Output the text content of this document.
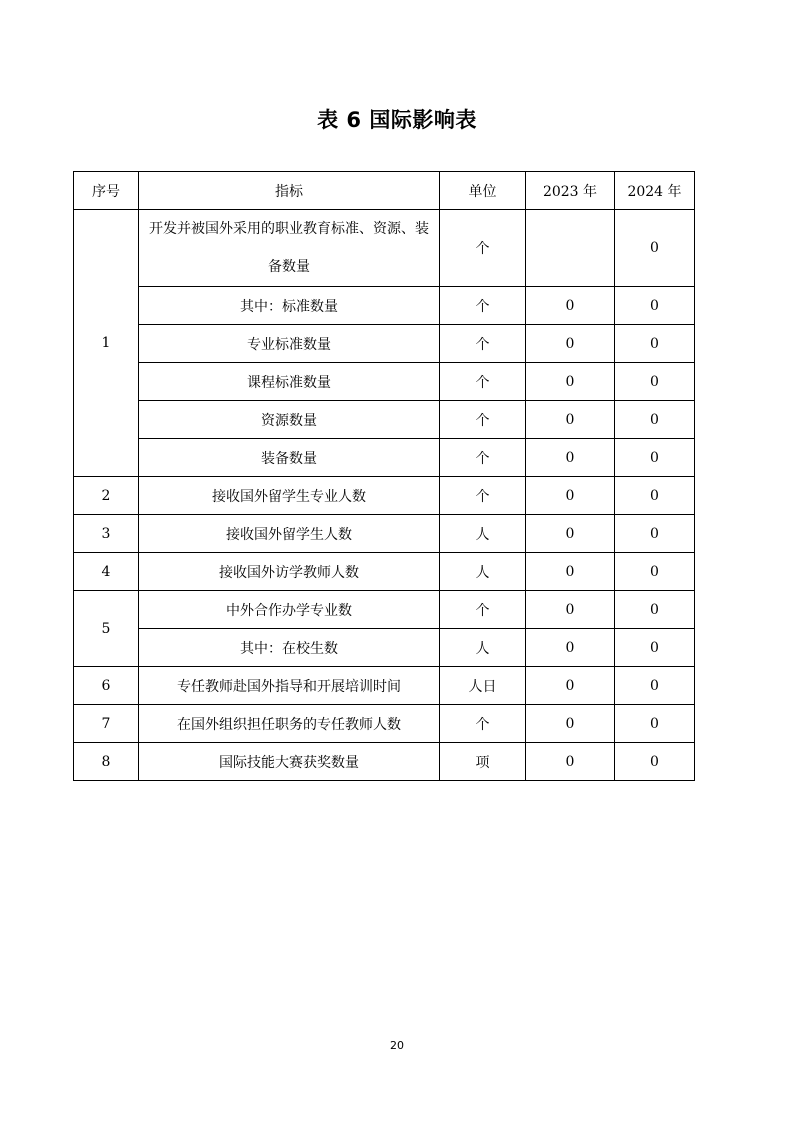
表 6 国际影响表
序号	指标	单位	2023 年	2024 年
1	开发并被国外采用的职业教育标准、资源、装备数量	个		0
	其中：标准数量	个	0	0
	专业标准数量	个	0	0
	课程标准数量	个	0	0
	资源数量	个	0	0
	装备数量	个	0	0
2	接收国外留学生专业人数	个	0	0
3	接收国外留学生人数	人	0	0
4	接收国外访学教师人数	人	0	0
5	中外合作办学专业数	个	0	0
	其中：在校生数	人	0	0
6	专任教师赴国外指导和开展培训时间	人日	0	0
7	在国外组织担任职务的专任教师人数	个	0	0
8	国际技能大赛获奖数量	项	0	0
20
